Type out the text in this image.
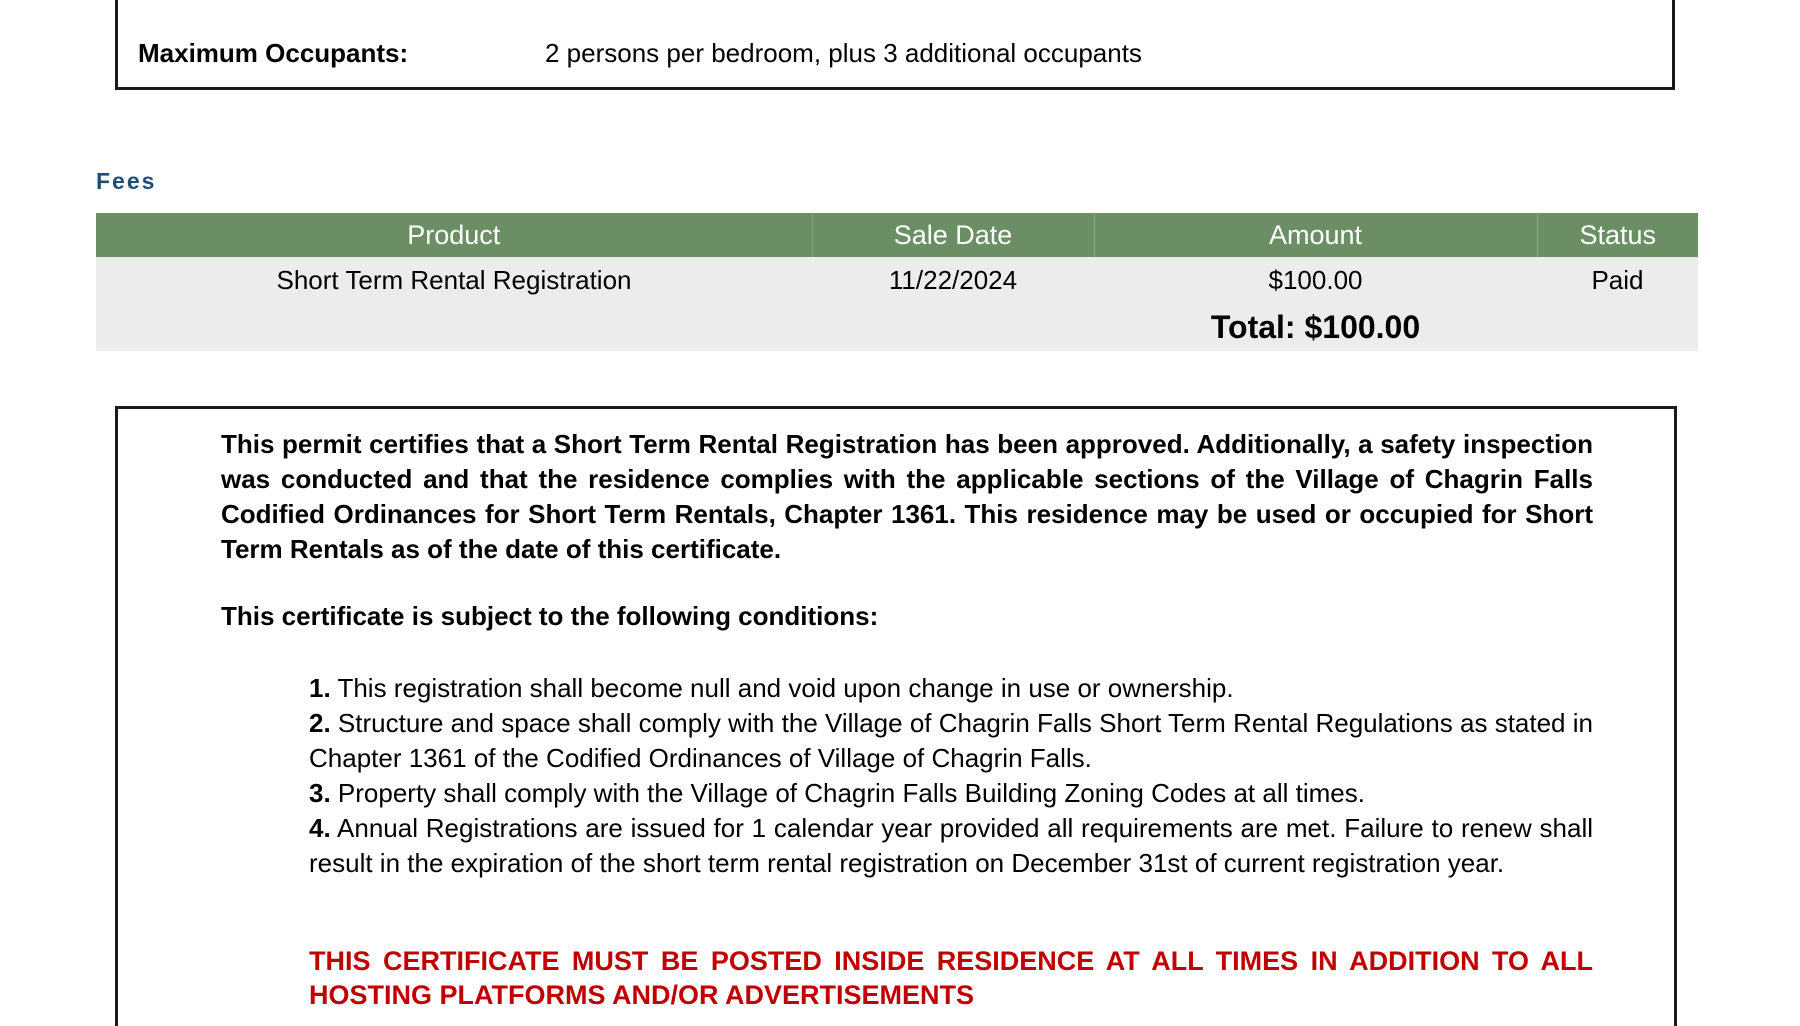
Maximum Occupants:	2 persons per bedroom, plus 3 additional occupants
Fees
Product	Sale Date	Amount	Status
Short Term Rental Registration	11/22/2024	$100.00	Paid
		Total: $100.00	

This permit certifies that a Short Term Rental Registration has been approved. Additionally, a safety inspection was conducted and that the residence complies with the applicable sections of the Village of Chagrin Falls Codified Ordinances for Short Term Rentals, Chapter 1361. This residence may be used or occupied for Short Term Rentals as of the date of this certificate.

This certificate is subject to the following conditions:

1. This registration shall become null and void upon change in use or ownership.
2. Structure and space shall comply with the Village of Chagrin Falls Short Term Rental Regulations as stated in Chapter 1361 of the Codified Ordinances of Village of Chagrin Falls.
3. Property shall comply with the Village of Chagrin Falls Building Zoning Codes at all times.
4. Annual Registrations are issued for 1 calendar year provided all requirements are met. Failure to renew shall result in the expiration of the short term rental registration on December 31st of current registration year.

THIS CERTIFICATE MUST BE POSTED INSIDE RESIDENCE AT ALL TIMES IN ADDITION TO ALL HOSTING PLATFORMS AND/OR ADVERTISEMENTS
